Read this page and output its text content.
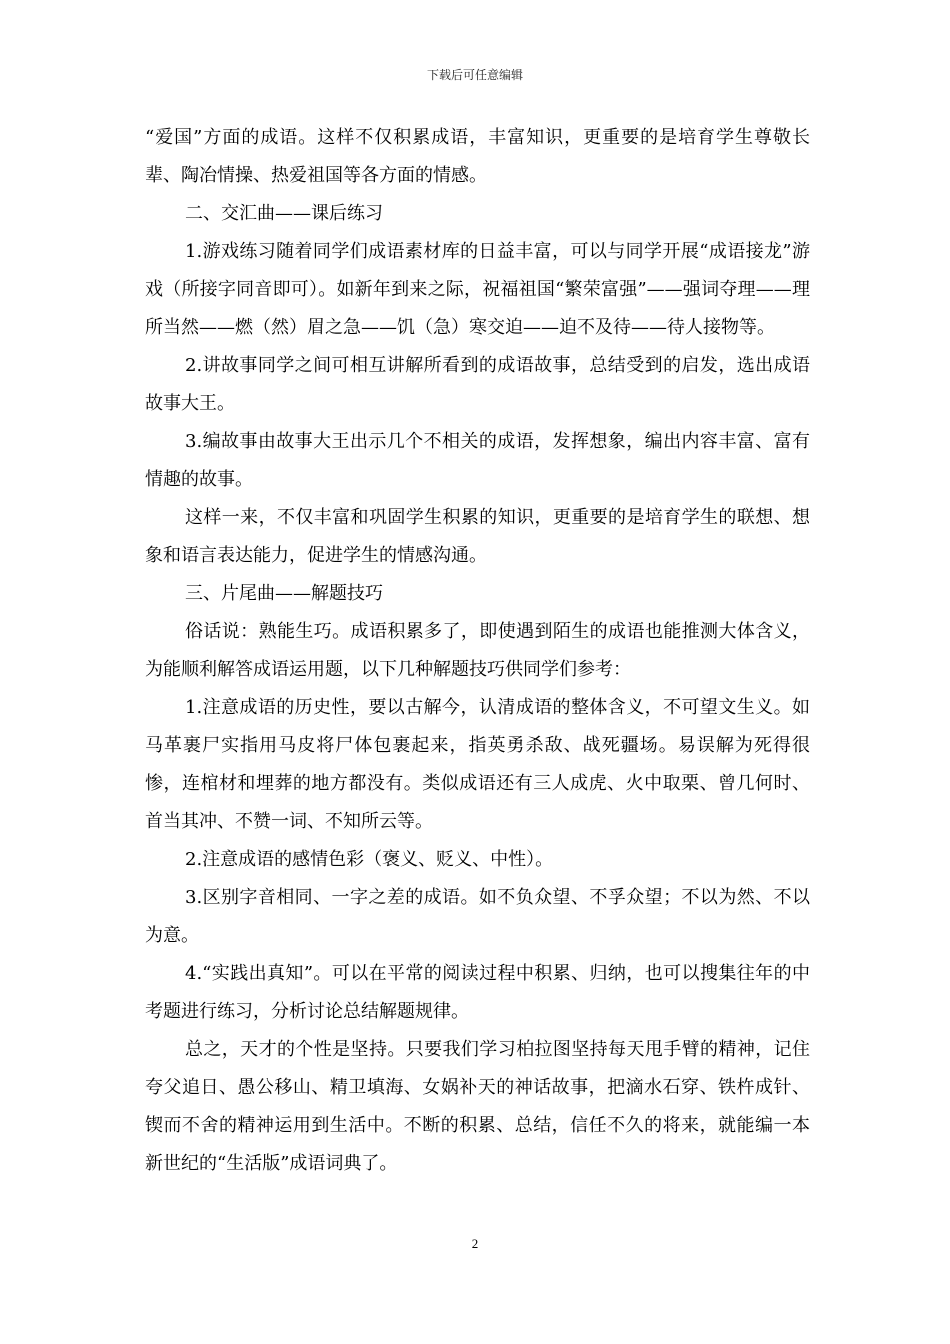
下载后可任意编辑

“爱国”方面的成语。这样不仅积累成语，丰富知识，更重要的是培育学生尊敬长辈、陶冶情操、热爱祖国等各方面的情感。

二、交汇曲——课后练习

1.游戏练习随着同学们成语素材库的日益丰富，可以与同学开展“成语接龙”游戏（所接字同音即可）。如新年到来之际，祝福祖国“繁荣富强”——强词夺理——理所当然——燃（然）眉之急——饥（急）寒交迫——迫不及待——待人接物等。

2.讲故事同学之间可相互讲解所看到的成语故事，总结受到的启发，选出成语故事大王。

3.编故事由故事大王出示几个不相关的成语，发挥想象，编出内容丰富、富有情趣的故事。

这样一来，不仅丰富和巩固学生积累的知识，更重要的是培育学生的联想、想象和语言表达能力，促进学生的情感沟通。

三、片尾曲——解题技巧

俗话说：熟能生巧。成语积累多了，即使遇到陌生的成语也能推测大体含义，为能顺利解答成语运用题，以下几种解题技巧供同学们参考：

1.注意成语的历史性，要以古解今，认清成语的整体含义，不可望文生义。如马革裹尸实指用马皮将尸体包裹起来，指英勇杀敌、战死疆场。易误解为死得很惨，连棺材和埋葬的地方都没有。类似成语还有三人成虎、火中取栗、曾几何时、首当其冲、不赞一词、不知所云等。

2.注意成语的感情色彩（褒义、贬义、中性）。

3.区别字音相同、一字之差的成语。如不负众望、不孚众望；不以为然、不以为意。

4.“实践出真知”。可以在平常的阅读过程中积累、归纳，也可以搜集往年的中考题进行练习，分析讨论总结解题规律。

总之，天才的个性是坚持。只要我们学习柏拉图坚持每天甩手臂的精神，记住夸父追日、愚公移山、精卫填海、女娲补天的神话故事，把滴水石穿、铁杵成针、锲而不舍的精神运用到生活中。不断的积累、总结，信任不久的将来，就能编一本新世纪的“生活版”成语词典了。

2
